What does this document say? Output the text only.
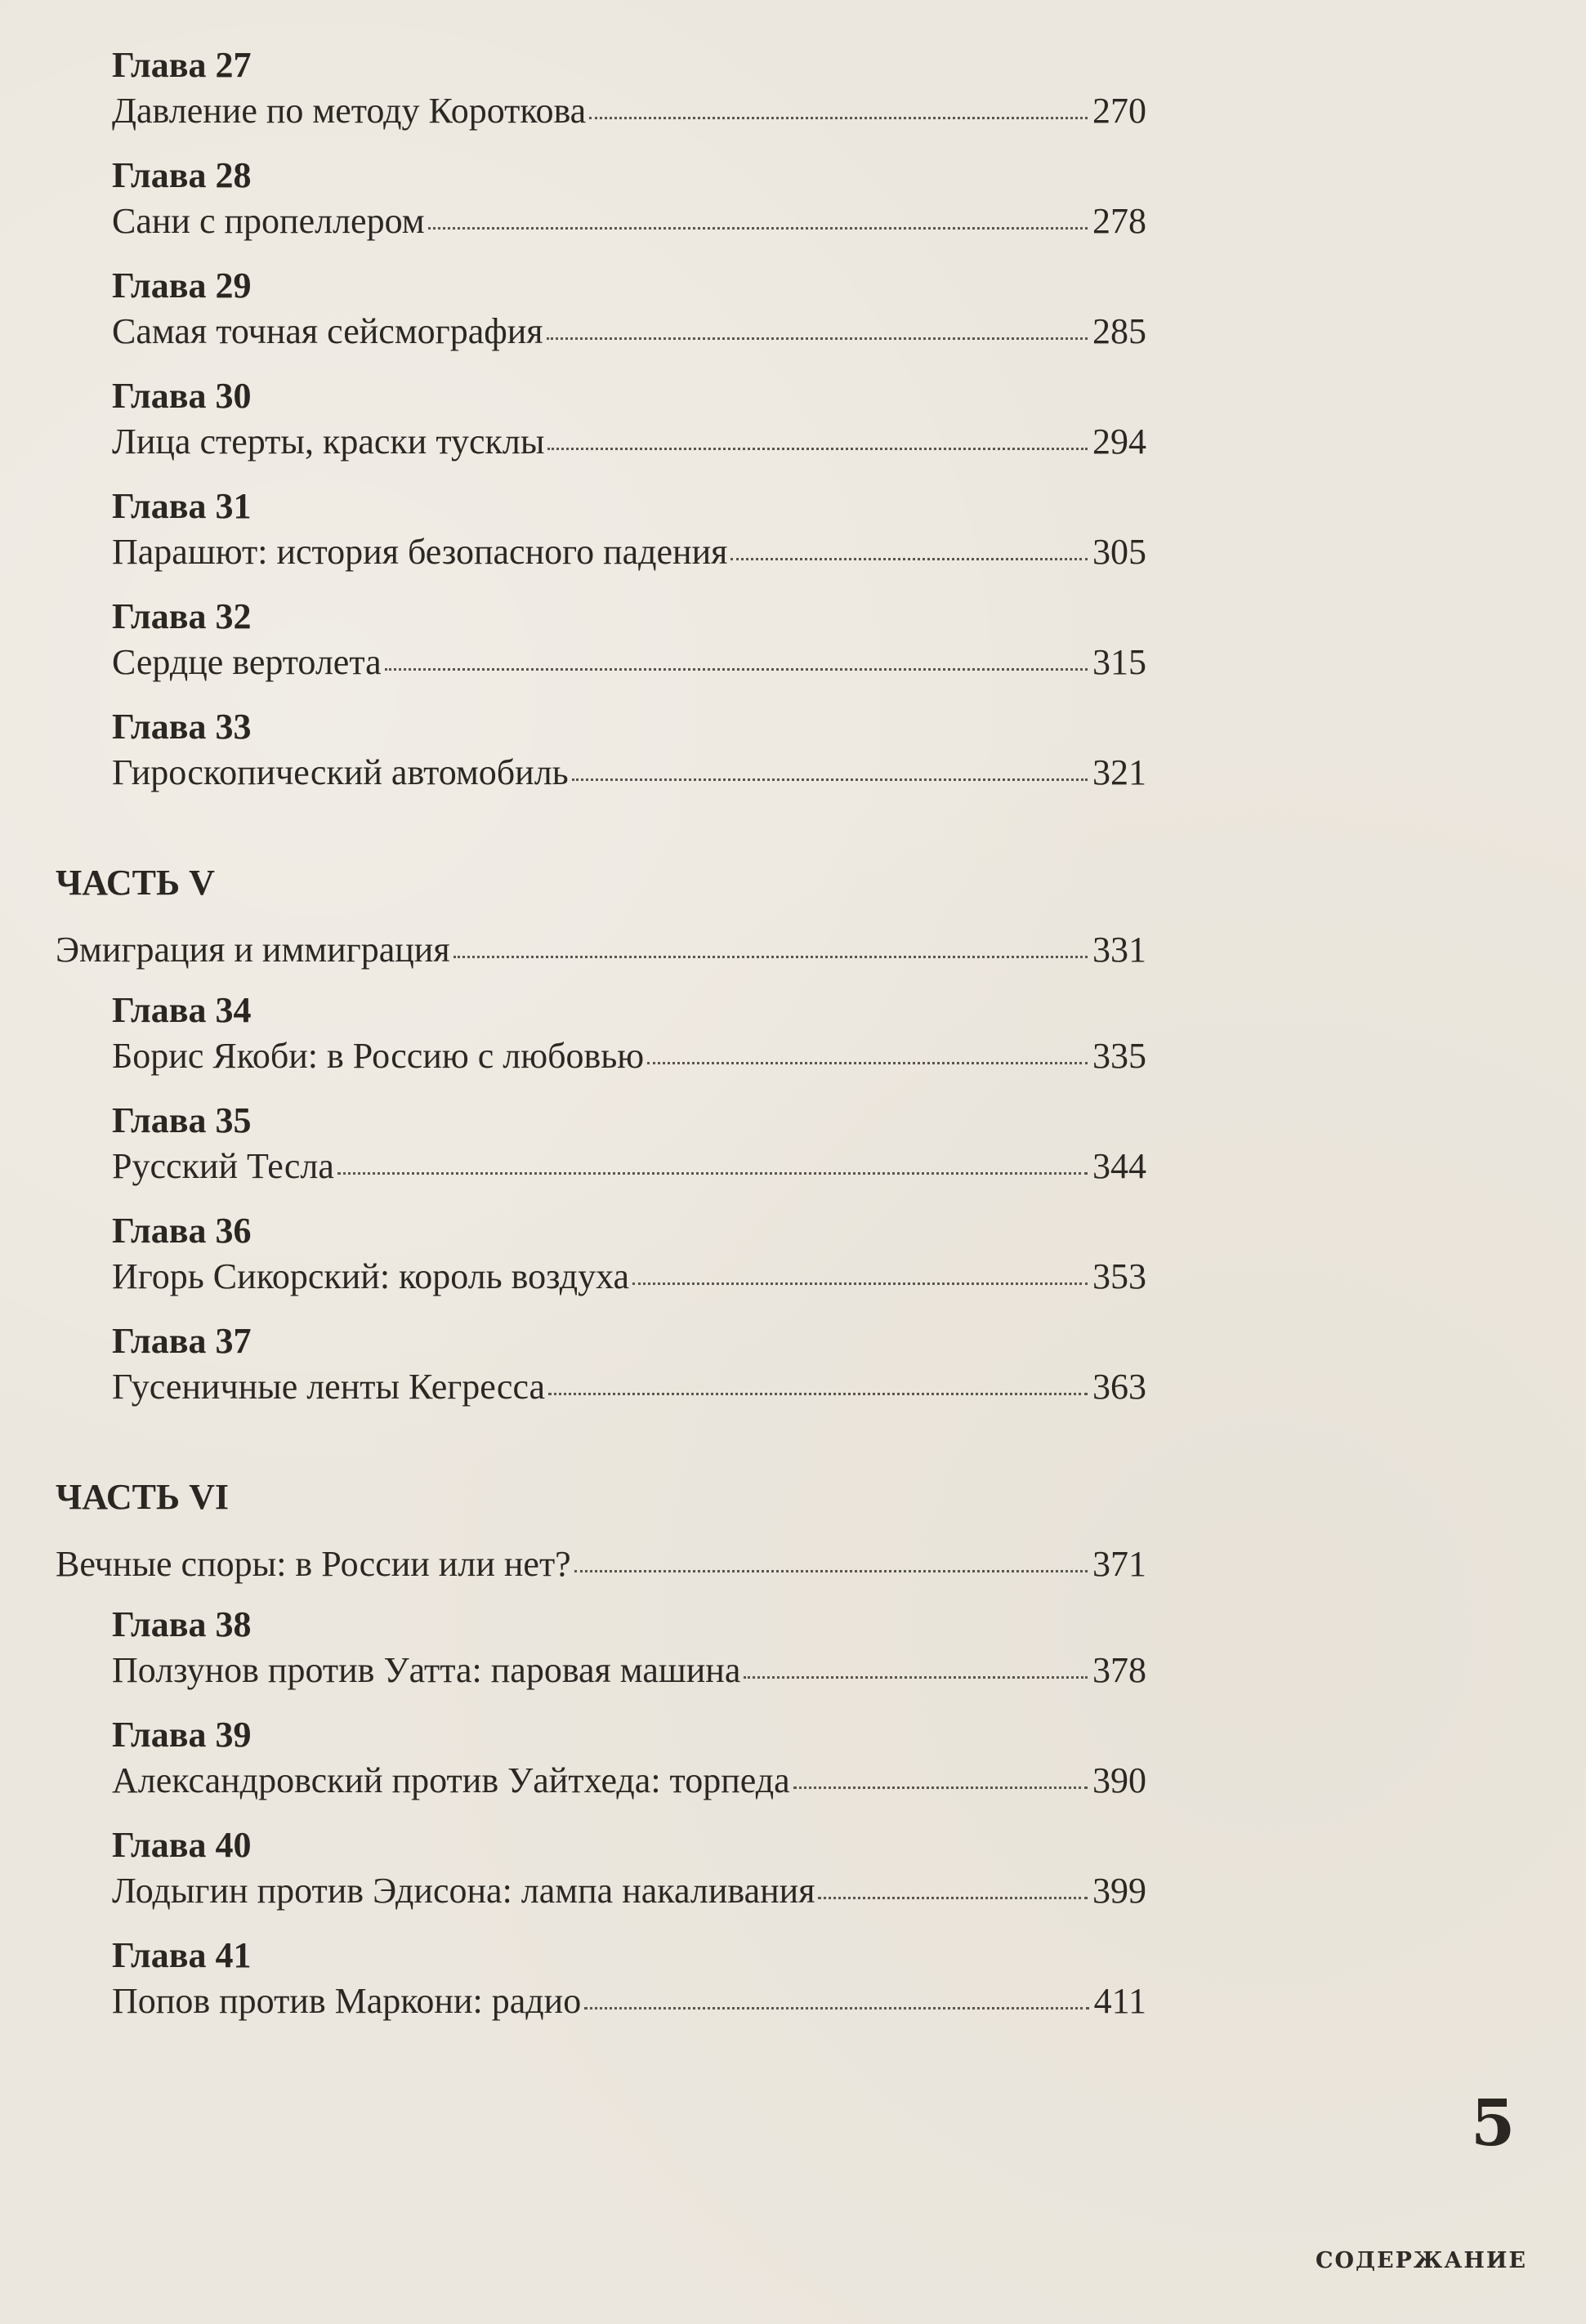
Глава 27
Давление по методу Короткова	270
Глава 28
Сани с пропеллером	278
Глава 29
Самая точная сейсмография	285
Глава 30
Лица стерты, краски тусклы	294
Глава 31
Парашют: история безопасного падения	305
Глава 32
Сердце вертолета	315
Глава 33
Гироскопический автомобиль	321
ЧАСТЬ V
Эмиграция и иммиграция	331
Глава 34
Борис Якоби: в Россию с любовью	335
Глава 35
Русский Тесла	344
Глава 36
Игорь Сикорский: король воздуха	353
Глава 37
Гусеничные ленты Кегресса	363
ЧАСТЬ VI
Вечные споры: в России или нет?	371
Глава 38
Ползунов против Уатта: паровая машина	378
Глава 39
Александровский против Уайтхеда: торпеда	390
Глава 40
Лодыгин против Эдисона: лампа накаливания	399
Глава 41
Попов против Маркони: радио	411
5
СОДЕРЖАНИЕ
